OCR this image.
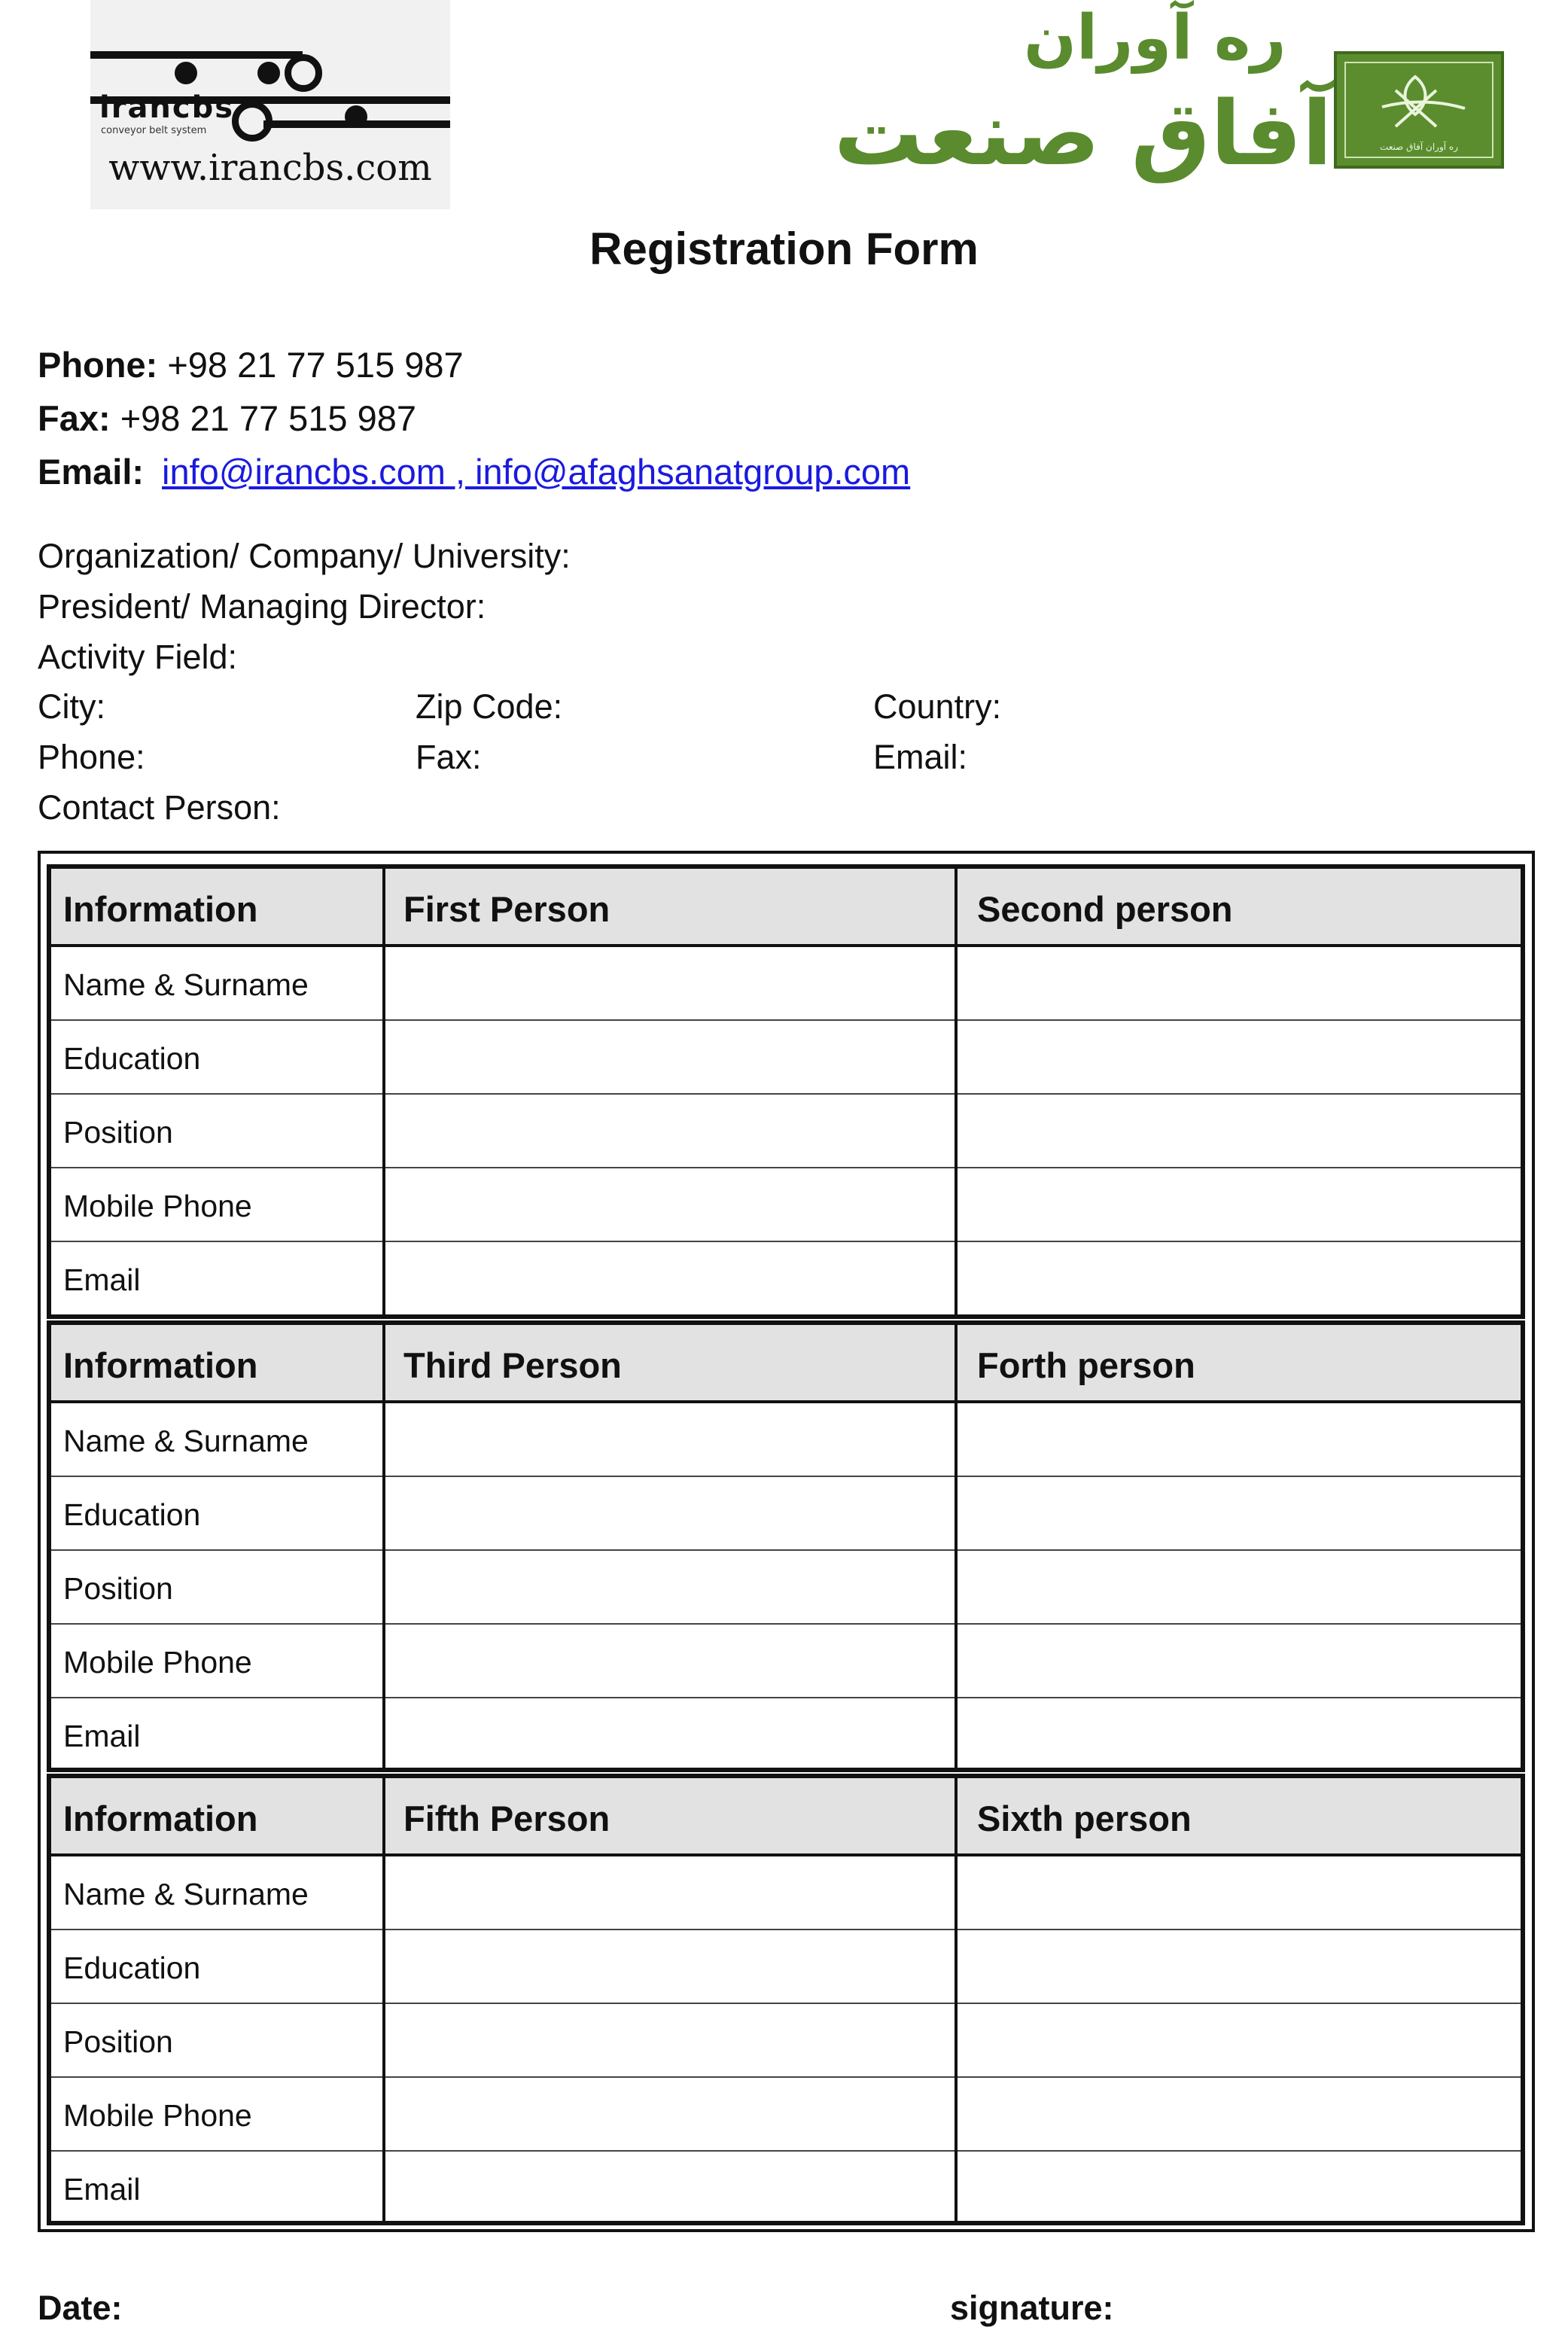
irancbs
conveyor belt system
www.irancbs.com
ره آوران
آفاق صنعت	ره آوران آفاق صنعت
Registration Form
Phone: +98 21 77 515 987
Fax: +98 21 77 515 987
Email: info@irancbs.com , info@afaghsanatgroup.com
Organization/ Company/ University:
President/ Managing Director:
Activity Field:
City:	Zip Code:	Country:
Phone:	Fax:	Email:
Contact Person:
Information	First Person	Second person
Name & Surname
Education
Position
Mobile Phone
Email
Information	Third Person	Forth person
Name & Surname
Education
Position
Mobile Phone
Email
Information	Fifth Person	Sixth person
Name & Surname
Education
Position
Mobile Phone
Email
Date:	signature:
